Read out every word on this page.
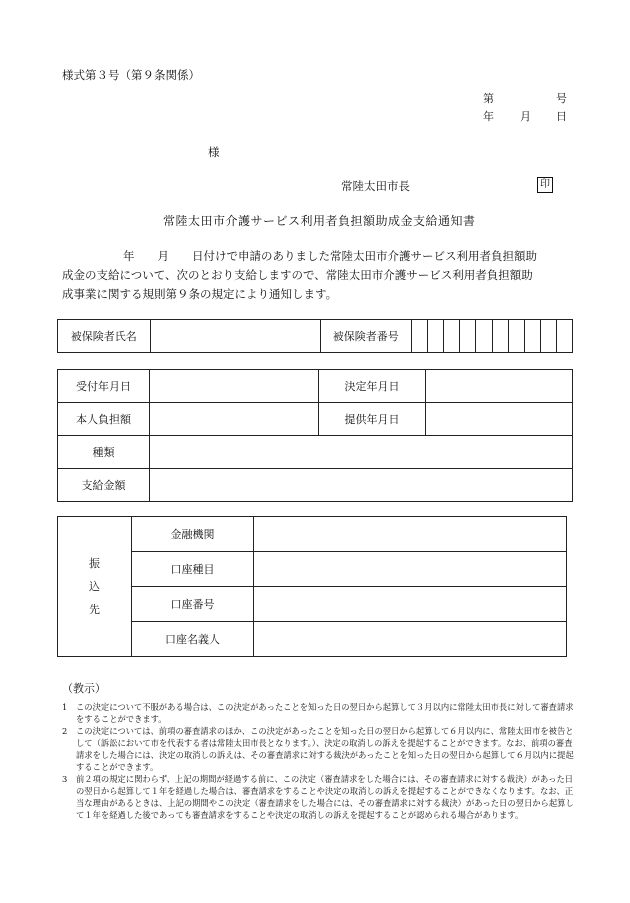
様式第３号（第９条関係）
第	号
年 月 日
様
常陸太田市長	印
常陸太田市介護サービス利用者負担額助成金支給通知書

年 月 日付けで申請のありました常陸太田市介護サービス利用者負担額助

成金の支給について、次のとおり支給しますので、常陸太田市介護サービス利用者負担額助

成事業に関する規則第９条の規定により通知します。

被保険者氏名		被保険者番号										
受付年月日		決定年月日	
本人負担額		提供年月日	
種類			
支給金額			
振
込
先	金融機関	
	口座種目	
	口座番号	
	口座名義人	
（教示）
1	この決定について不服がある場合は、この決定があったことを知った日の翌日から起算して３月以内に常陸太田市長に対して審査請求をすることができます。
2	この決定については、前項の審査請求のほか、この決定があったことを知った日の翌日から起算して６月以内に、常陸太田市を被告として（訴訟において市を代表する者は常陸太田市長となります。）、決定の取消しの訴えを提起することができます。なお、前項の審査請求をした場合には、決定の取消しの訴えは、その審査請求に対する裁決があったことを知った日の翌日から起算して６月以内に提起することができます。
3	前２項の規定に関わらず、上記の期間が経過する前に、この決定（審査請求をした場合には、その審査請求に対する裁決）があった日の翌日から起算して１年を経過した場合は、審査請求をすることや決定の取消しの訴えを提起することができなくなります。なお、正当な理由があるときは、上記の期間やこの決定（審査請求をした場合には、その審査請求に対する裁決）があった日の翌日から起算して１年を経過した後であっても審査請求をすることや決定の取消しの訴えを提起することが認められる場合があります。
